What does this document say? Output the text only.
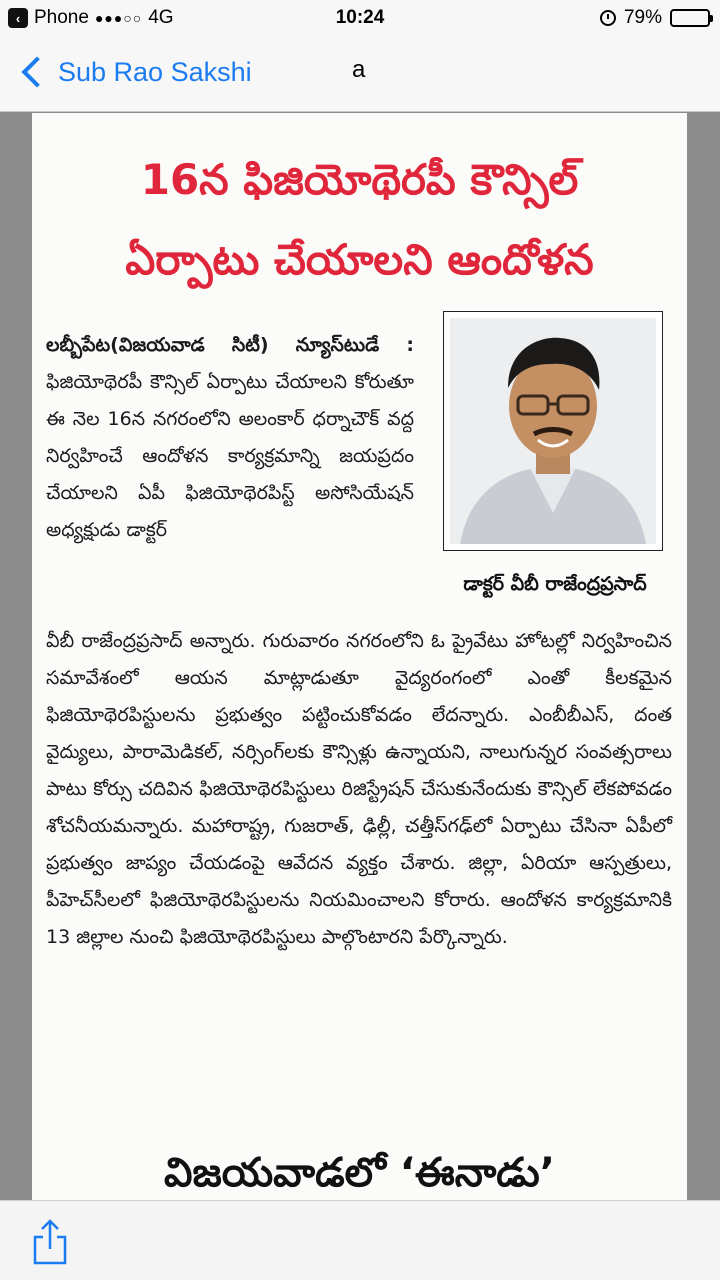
‹ Phone ●●●○○ 4G	10:24	79%
Sub Rao Sakshi	a
16న ఫిజియోథెరపీ కౌన్సిల్
ఏర్పాటు చేయాలని ఆందోళన
లబ్బీపేట(విజయవాడ సిటీ) న్యూస్‌టుడే : ఫిజియోథెరపీ కౌన్సిల్ ఏర్పాటు చేయాలని కోరుతూ ఈ నెల 16న నగరంలోని అలంకార్ ధర్నాచౌక్ వద్ద నిర్వహించే ఆందోళన కార్యక్రమాన్ని జయప్రదం చేయాలని ఏపీ ఫిజియోథెరపిస్ట్ అసోసియేషన్ అధ్యక్షుడు డాక్టర్
డాక్టర్ వీబీ రాజేంద్రప్రసాద్
వీబీ రాజేంద్రప్రసాద్ అన్నారు. గురువారం నగరంలోని ఓ ప్రైవేటు హోటల్లో నిర్వహించిన సమావేశంలో ఆయన మాట్లాడుతూ వైద్యరంగంలో ఎంతో కీలకమైన ఫిజియోథెరపిస్టులను ప్రభుత్వం పట్టించుకోవడం లేదన్నారు. ఎంబీబీఎస్, దంత వైద్యులు, పారామెడికల్, నర్సింగ్‌లకు కౌన్సిళ్లు ఉన్నాయని, నాలుగున్నర సంవత్సరాలు పాటు కోర్సు చదివిన ఫిజియోథెరపిస్టులు రిజిస్ట్రేషన్ చేసుకునేందుకు కౌన్సిల్ లేకపోవడం శోచనీయమన్నారు. మహారాష్ట్ర, గుజరాత్, ఢిల్లీ, చత్తీస్‌గఢ్‌లో ఏర్పాటు చేసినా ఏపీలో ప్రభుత్వం జాప్యం చేయడంపై ఆవేదన వ్యక్తం చేశారు. జిల్లా, ఏరియా ఆస్పత్రులు, పీహెచ్‌సీలలో ఫిజియోథెరపిస్టులను నియమించాలని కోరారు. ఆందోళన కార్యక్రమానికి 13 జిల్లాల నుంచి ఫిజియోథెరపిస్టులు పాల్గొంటారని పేర్కొన్నారు.
విజయవాడలో ‘ఈనాడు’
